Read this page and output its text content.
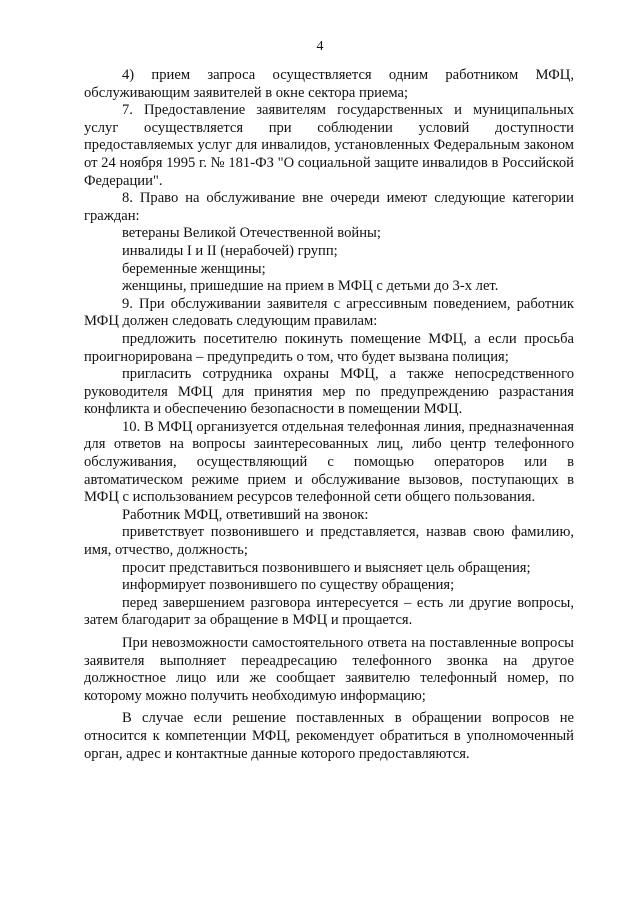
4

4) прием запроса осуществляется одним работником МФЦ, обслуживающим заявителей в окне сектора приема;

7. Предоставление заявителям государственных и муниципальных услуг осуществляется при соблюдении условий доступности предоставляемых услуг для инвалидов, установленных Федеральным законом от 24 ноября 1995 г. № 181-ФЗ "О социальной защите инвалидов в Российской Федерации".

8. Право на обслуживание вне очереди имеют следующие категории граждан:

ветераны Великой Отечественной войны;

инвалиды I и II (нерабочей) групп;

беременные женщины;

женщины, пришедшие на прием в МФЦ с детьми до 3-х лет.

9. При обслуживании заявителя с агрессивным поведением, работник МФЦ должен следовать следующим правилам:

предложить посетителю покинуть помещение МФЦ, а если просьба проигнорирована – предупредить о том, что будет вызвана полиция;

пригласить сотрудника охраны МФЦ, а также непосредственного руководителя МФЦ для принятия мер по предупреждению разрастания конфликта и обеспечению безопасности в помещении МФЦ.

10. В МФЦ организуется отдельная телефонная линия, предназначенная для ответов на вопросы заинтересованных лиц, либо центр телефонного обслуживания, осуществляющий с помощью операторов или в автоматическом режиме прием и обслуживание вызовов, поступающих в МФЦ с использованием ресурсов телефонной сети общего пользования.

Работник МФЦ, ответивший на звонок:

приветствует позвонившего и представляется, назвав свою фамилию, имя, отчество, должность;

просит представиться позвонившего и выясняет цель обращения;

информирует позвонившего по существу обращения;

перед завершением разговора интересуется – есть ли другие вопросы, затем благодарит за обращение в МФЦ и прощается.

При невозможности самостоятельного ответа на поставленные вопросы заявителя выполняет переадресацию телефонного звонка на другое должностное лицо или же сообщает заявителю телефонный номер, по которому можно получить необходимую информацию;

В случае если решение поставленных в обращении вопросов не относится к компетенции МФЦ, рекомендует обратиться в уполномоченный орган, адрес и контактные данные которого предоставляются.
